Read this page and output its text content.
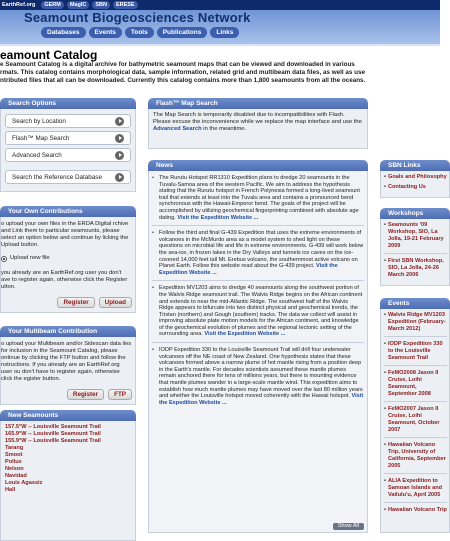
EarthRef.org	GERM	MagIC	SBN	ERESE
Seamount Biogeosciences Network
Databases	Events	Tools	Publications	Links
eamount Catalog
e Seamount Catalog is a digital archive for bathymetric seamount maps that can be viewed and downloaded in various
rmats. This catalog contains morphological data, sample information, related grid and multibeam data files, as well as use
ntributed files that all can be downloaded. Currently this catalog contains more than 1,800 seamounts from all the oceans.
Search Options
Search by Location
Flash™ Map Search
Advanced Search
Search the Reference Database
Your Own Contributions
o upload your own files in the ERDA Digital rchive and Link them to particular seamounts, please select an option below and continue by licking the Upload button.
Upload new file
you already are an EarthRef.org user you don't ave to register again, otherwise click the Register utton.
Register	Upload
Your Multibeam Contribution
o upload your Multibeam and/or Sidescan data iles for inclusion in the Seamount Catalog, please ontinue by clicking the FTP button and follow the nstructions. If you already are an EarthRef.org user ou don't have to register again, otherwise click the egister button.
Register	FTP
New Seamounts
157.5°W -- Louisville Seamount Trail
165.9°W -- Louisville Seamount Trail
155.9°W -- Louisville Seamount Trail
Tarang
Smoot
Pollux
Nelson
Navidad
Louis Agassiz
Hall
Flash™ Map Search
The Map Search is temporarily disabled due to incompatibilities with Flash. Please excuse the inconvenience while we replace the map interface and use the Advanced Search in the meantime.
News
• The Rurutu Hotspot RR1310 Expedition plans to dredge 20 seamounts in the Tuvalu-Samoa area of the western Pacific. We aim to address the hypothesis stating that the Rurutu hotspot in French Polynesia formed a long-lived seamount trail that extends at least into the Tuvalu area and contains a pronounced bend synchronous with the Hawaii-Emperor bend. The goals of the project will be accomplished by utilizing geochemical fingerprinting combined with absolute age dating. Visit the Expedition Website ...
• Follow the third and final G-439 Expedition that uses the extreme environments of volcanoes in the McMurdo area as a model system to shed light on these questions on microbial life and life in extreme environments. G-439 will work below the sea-ice, in frozen lakes in the Dry Valleys and tunnels ice caves on the ice-covered 14,000 feet tall Mt. Erebus volcano, the southernmost active volcano on Planet Earth. Follow this website read about the G-439 project. Visit the Expedition Website ...
• Expedition MV1203 aims to dredge 40 seamounts along the southwest portion of the Walvis Ridge seamount trail. The Walvis Ridge begins on the African continent and extends to near the mid-Atlantic Ridge. The southwest half of the Walvis Ridge appears to bifurcate into two distinct physical and geochemical trends, the Tristan (northern) and Gough (southern) tracks. The data we collect will assist in improving absolute plate motion models for the African continent, and knowledge of the geochemical evolution of plumes and the regional tectonic setting of the surrounding area. Visit the Expedition Website ...
• IODP Expedition 330 to the Louisville Seamount Trail will drill four underwater volcanoes off the NE coast of New Zealand. One hypothesis states that these volcanoes formed above a narrow plume of hot mantle rising from a position deep in the Earth's mantle. For decades scientists assumed these mantle plumes remain anchored there for tens of millions years, but there is mounting evidence that mantle plumes wander in a large-scale mantle wind. This expedition aims to establish how much mantle plumes may have moved over the last 80 million years and whether the Louisville hotspot moved coherently with the Hawaii hotspot. Visit the Expedition Website ...
Show All
SBN Links
• Goals and Philosophy
• Contacting Us
Workshops
• Seamounts '09 Workshop, SIO, La Jolla, 19-21 February 2009
• First SBN Workshop, SIO, La Jolla, 24-26 March 2006
Events
• Walvis Ridge MV1203 Expedition (February-March 2012)
• IODP Expedition 330 to the Louisville Seamount Trail
• FeMO2008 Jason II Cruise, Loihi Seamount, September 2008
• FeMO2007 Jason II Cruise, Loihi Seamount, October 2007
• Hawaiian Volcano Trip, University of California, September 2005
• ALIA Expedition to Samoan Islands and Vailulu'u, April 2005
• Hawaiian Volcano Trip
